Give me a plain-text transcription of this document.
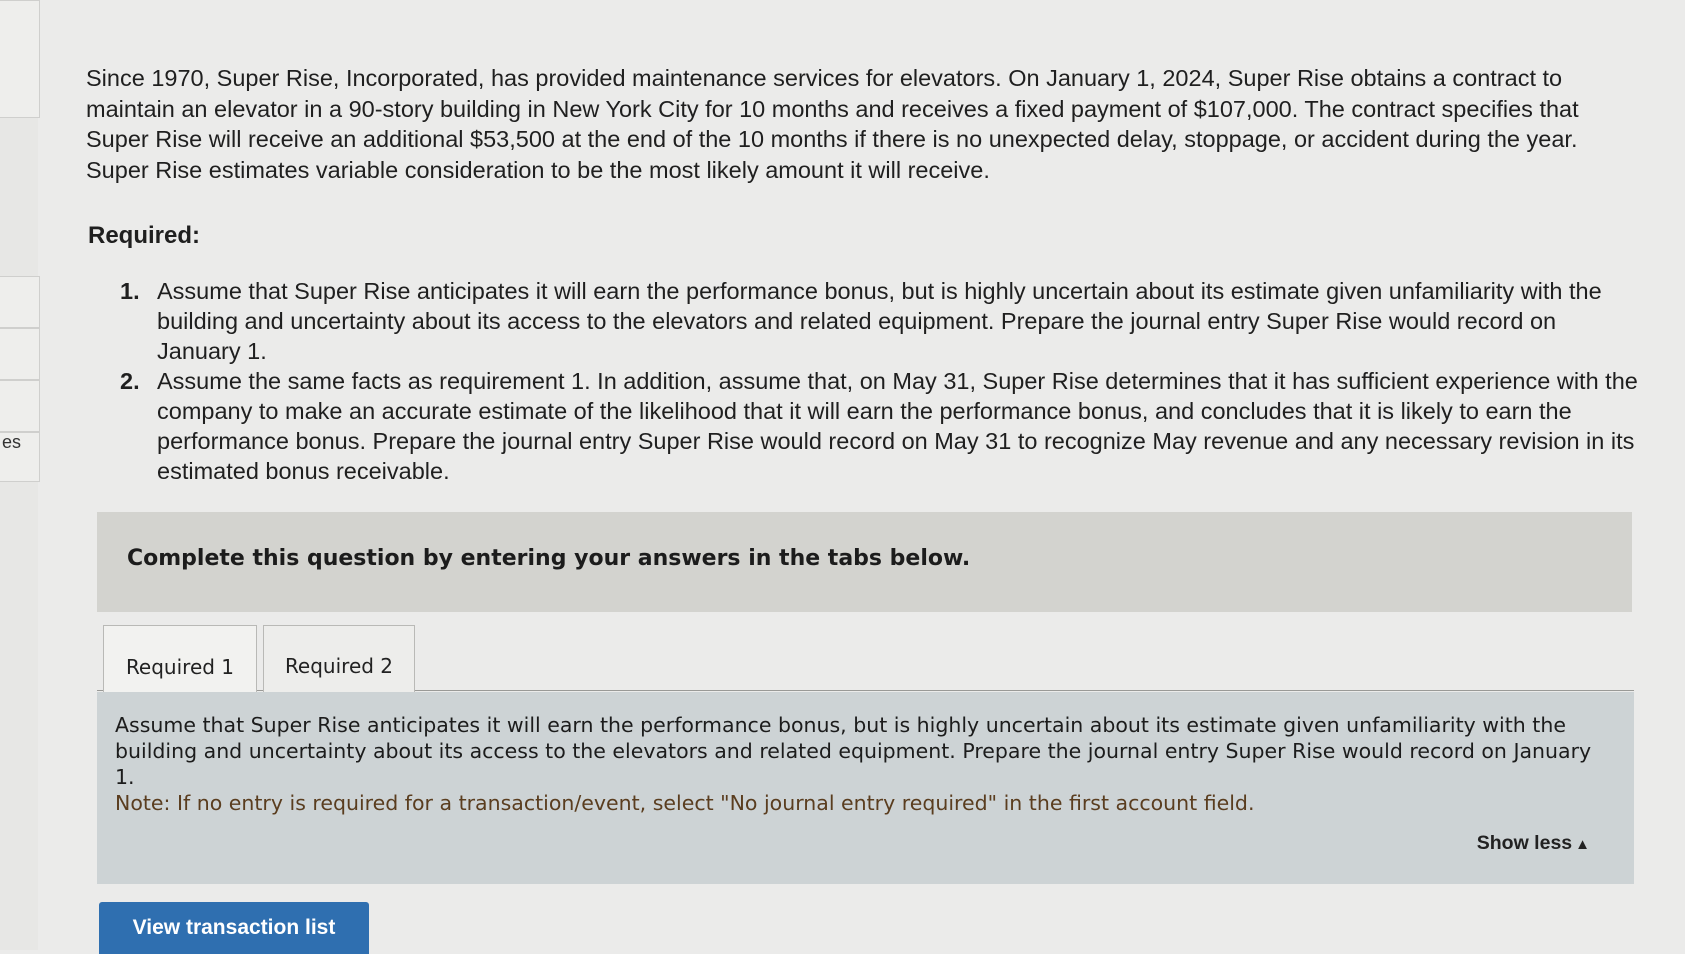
es

Since 1970, Super Rise, Incorporated, has provided maintenance services for elevators. On January 1, 2024, Super Rise obtains a contract to maintain an elevator in a 90-story building in New York City for 10 months and receives a fixed payment of $107,000. The contract specifies that Super Rise will receive an additional $53,500 at the end of the 10 months if there is no unexpected delay, stoppage, or accident during the year. Super Rise estimates variable consideration to be the most likely amount it will receive.

Required:

1. Assume that Super Rise anticipates it will earn the performance bonus, but is highly uncertain about its estimate given unfamiliarity with the building and uncertainty about its access to the elevators and related equipment. Prepare the journal entry Super Rise would record on January 1.
2. Assume the same facts as requirement 1. In addition, assume that, on May 31, Super Rise determines that it has sufficient experience with the company to make an accurate estimate of the likelihood that it will earn the performance bonus, and concludes that it is likely to earn the performance bonus. Prepare the journal entry Super Rise would record on May 31 to recognize May revenue and any necessary revision in its estimated bonus receivable.
Complete this question by entering your answers in the tabs below.
Required 1	Required 2
Assume that Super Rise anticipates it will earn the performance bonus, but is highly uncertain about its estimate given unfamiliarity with the building and uncertainty about its access to the elevators and related equipment. Prepare the journal entry Super Rise would record on January 1.
Note: If no entry is required for a transaction/event, select "No journal entry required" in the first account field.
Show less ▲
View transaction list
